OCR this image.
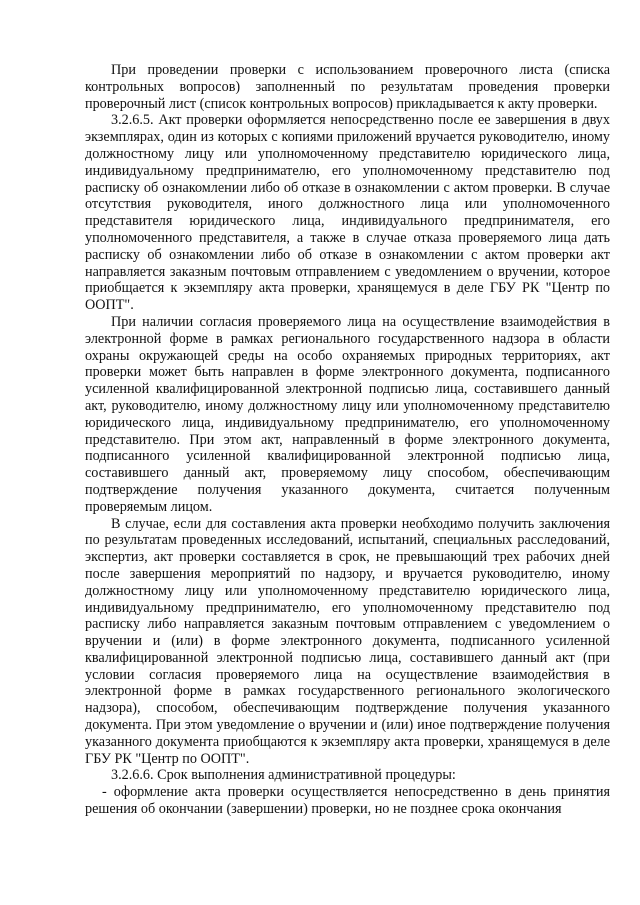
При проведении проверки с использованием проверочного листа (списка контрольных вопросов) заполненный по результатам проведения проверки проверочный лист (список контрольных вопросов) прикладывается к акту проверки.

3.2.6.5. Акт проверки оформляется непосредственно после ее завершения в двух экземплярах, один из которых с копиями приложений вручается руководителю, иному должностному лицу или уполномоченному представителю юридического лица, индивидуальному предпринимателю, его уполномоченному представителю под расписку об ознакомлении либо об отказе в ознакомлении с актом проверки. В случае отсутствия руководителя, иного должностного лица или уполномоченного представителя юридического лица, индивидуального предпринимателя, его уполномоченного представителя, а также в случае отказа проверяемого лица дать расписку об ознакомлении либо об отказе в ознакомлении с актом проверки акт направляется заказным почтовым отправлением с уведомлением о вручении, которое приобщается к экземпляру акта проверки, хранящемуся в деле ГБУ РК "Центр по ООПТ".

При наличии согласия проверяемого лица на осуществление взаимодействия в электронной форме в рамках регионального государственного надзора в области охраны окружающей среды на особо охраняемых природных территориях, акт проверки может быть направлен в форме электронного документа, подписанного усиленной квалифицированной электронной подписью лица, составившего данный акт, руководителю, иному должностному лицу или уполномоченному представителю юридического лица, индивидуальному предпринимателю, его уполномоченному представителю. При этом акт, направленный в форме электронного документа, подписанного усиленной квалифицированной электронной подписью лица, составившего данный акт, проверяемому лицу способом, обеспечивающим подтверждение получения указанного документа, считается полученным проверяемым лицом.

В случае, если для составления акта проверки необходимо получить заключения по результатам проведенных исследований, испытаний, специальных расследований, экспертиз, акт проверки составляется в срок, не превышающий трех рабочих дней после завершения мероприятий по надзору, и вручается руководителю, иному должностному лицу или уполномоченному представителю юридического лица, индивидуальному предпринимателю, его уполномоченному представителю под расписку либо направляется заказным почтовым отправлением с уведомлением о вручении и (или) в форме электронного документа, подписанного усиленной квалифицированной электронной подписью лица, составившего данный акт (при условии согласия проверяемого лица на осуществление взаимодействия в электронной форме в рамках государственного регионального экологического надзора), способом, обеспечивающим подтверждение получения указанного документа. При этом уведомление о вручении и (или) иное подтверждение получения указанного документа приобщаются к экземпляру акта проверки, хранящемуся в деле ГБУ РК "Центр по ООПТ".

3.2.6.6. Срок выполнения административной процедуры:

- оформление акта проверки осуществляется непосредственно в день принятия решения об окончании (завершении) проверки, но не позднее срока окончания
